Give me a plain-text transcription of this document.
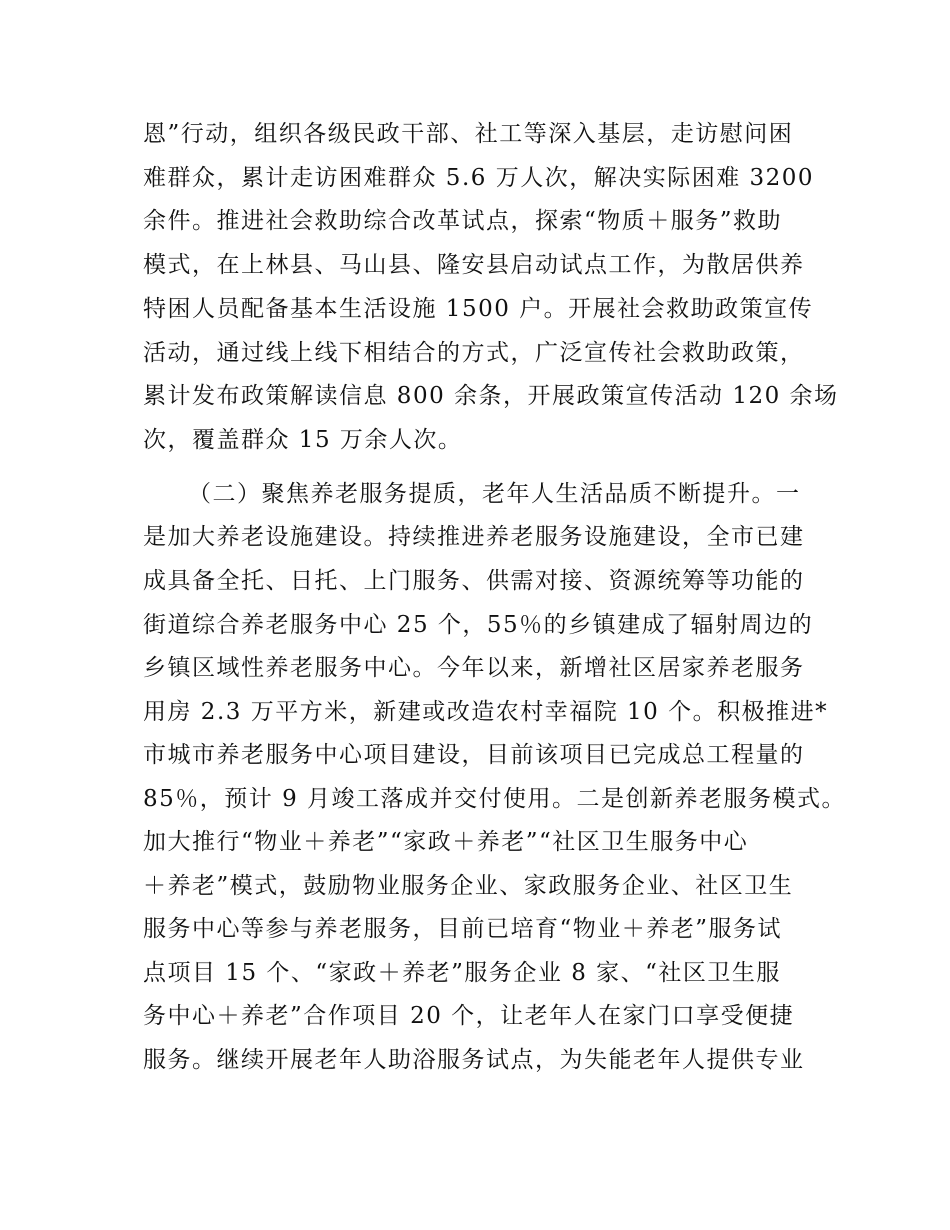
恩”行动，组织各级民政干部、社工等深入基层，走访慰问困
难群众，累计走访困难群众 5.6 万人次，解决实际困难 3200
余件。推进社会救助综合改革试点，探索“物质＋服务”救助
模式，在上林县、马山县、隆安县启动试点工作，为散居供养
特困人员配备基本生活设施 1500 户。开展社会救助政策宣传
活动，通过线上线下相结合的方式，广泛宣传社会救助政策，
累计发布政策解读信息 800 余条，开展政策宣传活动 120 余场
次，覆盖群众 15 万余人次。
（二）聚焦养老服务提质，老年人生活品质不断提升。一
是加大养老设施建设。持续推进养老服务设施建设，全市已建
成具备全托、日托、上门服务、供需对接、资源统筹等功能的
街道综合养老服务中心 25 个，55％的乡镇建成了辐射周边的
乡镇区域性养老服务中心。今年以来，新增社区居家养老服务
用房 2.3 万平方米，新建或改造农村幸福院 10 个。积极推进*
市城市养老服务中心项目建设，目前该项目已完成总工程量的
85％，预计 9 月竣工落成并交付使用。二是创新养老服务模式。
加大推行“物业＋养老”“家政＋养老”“社区卫生服务中心
＋养老”模式，鼓励物业服务企业、家政服务企业、社区卫生
服务中心等参与养老服务，目前已培育“物业＋养老”服务试
点项目 15 个、“家政＋养老”服务企业 8 家、“社区卫生服
务中心＋养老”合作项目 20 个，让老年人在家门口享受便捷
服务。继续开展老年人助浴服务试点，为失能老年人提供专业
